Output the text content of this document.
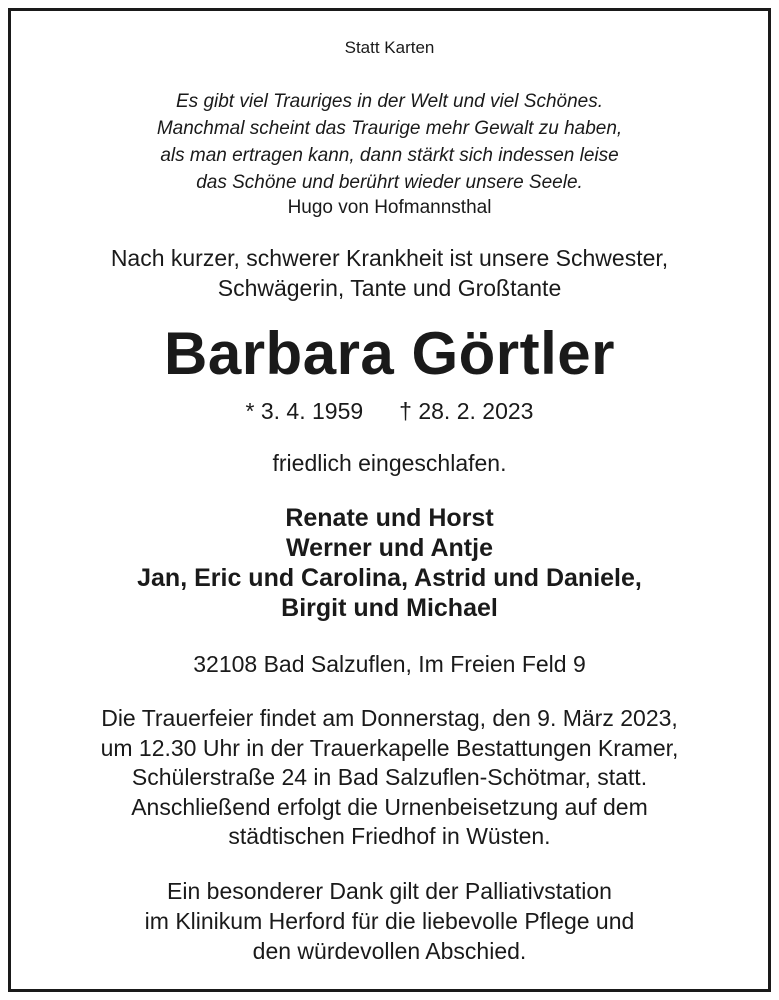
Statt Karten
Es gibt viel Trauriges in der Welt und viel Schönes.
Manchmal scheint das Traurige mehr Gewalt zu haben,
als man ertragen kann, dann stärkt sich indessen leise
das Schöne und berührt wieder unsere Seele.
Hugo von Hofmannsthal
Nach kurzer, schwerer Krankheit ist unsere Schwester,
Schwägerin, Tante und Großtante
Barbara Görtler
* 3. 4. 1959 † 28. 2. 2023
friedlich eingeschlafen.
Renate und Horst
Werner und Antje
Jan, Eric und Carolina, Astrid und Daniele,
Birgit und Michael
32108 Bad Salzuflen, Im Freien Feld 9
Die Trauerfeier findet am Donnerstag, den 9. März 2023,
um 12.30 Uhr in der Trauerkapelle Bestattungen Kramer,
Schülerstraße 24 in Bad Salzuflen-Schötmar, statt.
Anschließend erfolgt die Urnenbeisetzung auf dem
städtischen Friedhof in Wüsten.
Ein besonderer Dank gilt der Palliativstation
im Klinikum Herford für die liebevolle Pflege und
den würdevollen Abschied.
